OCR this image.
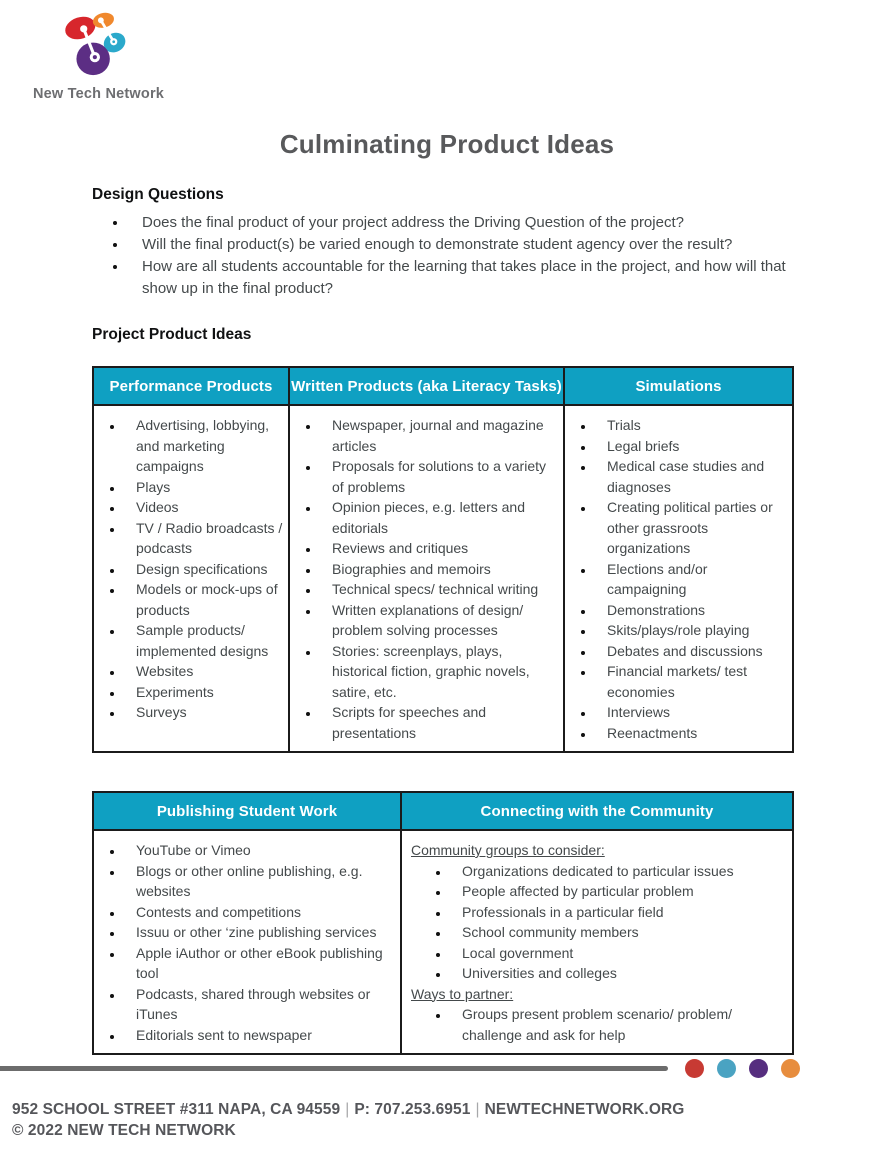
New Tech Network
Culminating Product Ideas
Design Questions
• Does the final product of your project address the Driving Question of the project?
• Will the final product(s) be varied enough to demonstrate student agency over the result?
• How are all students accountable for the learning that takes place in the project, and how will that show up in the final product?
Project Product Ideas
Performance Products	Written Products (aka Literacy Tasks)	Simulations

• Advertising, lobbying, and marketing campaigns
• Plays
• Videos
• TV / Radio broadcasts / podcasts
• Design specifications
• Models or mock-ups of products
• Sample products/ implemented designs
• Websites
• Experiments
• Surveys

• Newspaper, journal and magazine articles
• Proposals for solutions to a variety of problems
• Opinion pieces, e.g. letters and editorials
• Reviews and critiques
• Biographies and memoirs
• Technical specs/ technical writing
• Written explanations of design/ problem solving processes
• Stories: screenplays, plays, historical fiction, graphic novels, satire, etc.
• Scripts for speeches and presentations

• Trials
• Legal briefs
• Medical case studies and diagnoses
• Creating political parties or other grassroots organizations
• Elections and/or campaigning
• Demonstrations
• Skits/plays/role playing
• Debates and discussions
• Financial markets/ test economies
• Interviews
• Reenactments
Publishing Student Work	Connecting with the Community

• YouTube or Vimeo
• Blogs or other online publishing, e.g. websites
• Contests and competitions
• Issuu or other ‘zine publishing services
• Apple iAuthor or other eBook publishing tool
• Podcasts, shared through websites or iTunes
• Editorials sent to newspaper

Community groups to consider:
• Organizations dedicated to particular issues
• People affected by particular problem
• Professionals in a particular field
• School community members
• Local government
• Universities and colleges
Ways to partner:
• Groups present problem scenario/ problem/ challenge and ask for help
952 SCHOOL STREET #311 NAPA, CA 94559 | P: 707.253.6951 | NEWTECHNETWORK.ORG
© 2022 NEW TECH NETWORK
